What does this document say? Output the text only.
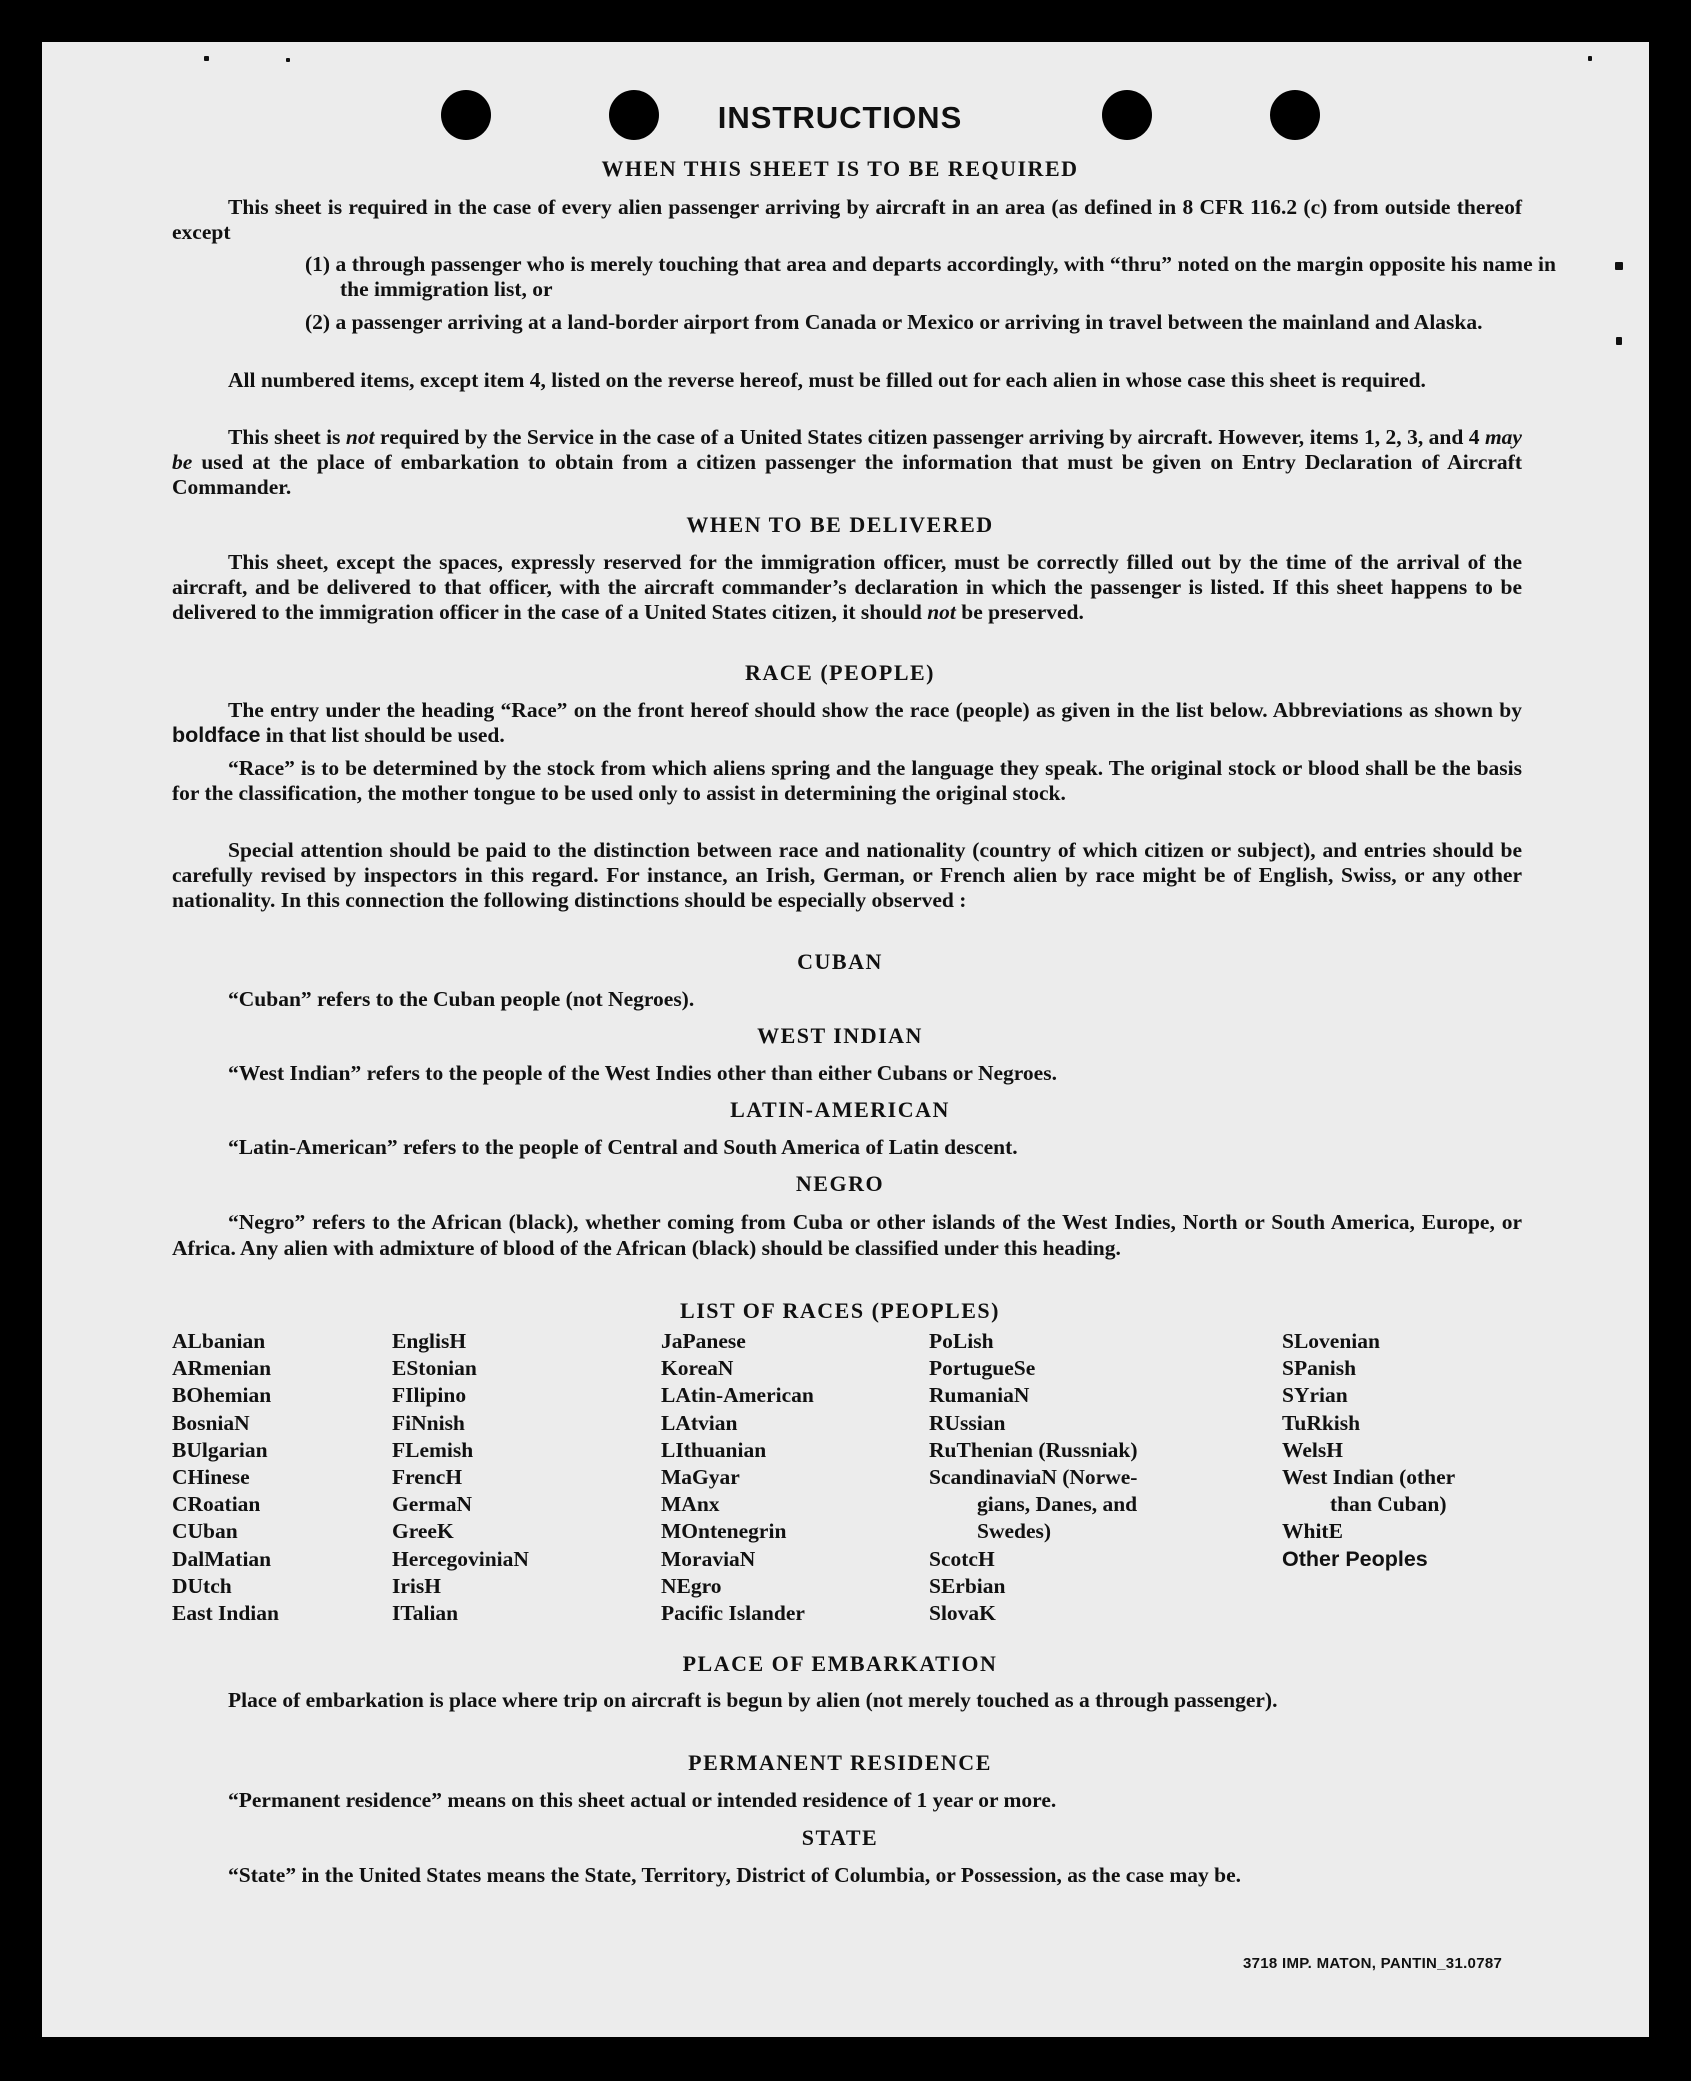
INSTRUCTIONS
WHEN THIS SHEET IS TO BE REQUIRED
This sheet is required in the case of every alien passenger arriving by aircraft in an area (as defined in 8 CFR 116.2 (c) from outside thereof except
(1) a through passenger who is merely touching that area and departs accordingly, with “thru” noted on the margin opposite his name in the immigration list, or
(2) a passenger arriving at a land-border airport from Canada or Mexico or arriving in travel between the mainland and Alaska.
All numbered items, except item 4, listed on the reverse hereof, must be filled out for each alien in whose case this sheet is required.
This sheet is not required by the Service in the case of a United States citizen passenger arriving by aircraft. However, items 1, 2, 3, and 4 may be used at the place of embarkation to obtain from a citizen passenger the information that must be given on Entry Declaration of Aircraft Commander.
WHEN TO BE DELIVERED
This sheet, except the spaces, expressly reserved for the immigration officer, must be correctly filled out by the time of the arrival of the aircraft, and be delivered to that officer, with the aircraft commander’s declaration in which the passenger is listed. If this sheet happens to be delivered to the immigration officer in the case of a United States citizen, it should not be preserved.
RACE (PEOPLE)
The entry under the heading “Race” on the front hereof should show the race (people) as given in the list below. Abbreviations as shown by boldface in that list should be used.
“Race” is to be determined by the stock from which aliens spring and the language they speak. The original stock or blood shall be the basis for the classification, the mother tongue to be used only to assist in determining the original stock.
Special attention should be paid to the distinction between race and nationality (country of which citizen or subject), and entries should be carefully revised by inspectors in this regard. For instance, an Irish, German, or French alien by race might be of English, Swiss, or any other nationality. In this connection the following distinctions should be especially observed :
CUBAN
“Cuban” refers to the Cuban people (not Negroes).
WEST INDIAN
“West Indian” refers to the people of the West Indies other than either Cubans or Negroes.
LATIN-AMERICAN
“Latin-American” refers to the people of Central and South America of Latin descent.
NEGRO
“Negro” refers to the African (black), whether coming from Cuba or other islands of the West Indies, North or South America, Europe, or Africa. Any alien with admixture of blood of the African (black) should be classified under this heading.
LIST OF RACES (PEOPLES)
ALbanian
ARmenian
BOhemian
BosniaN
BUlgarian
CHinese
CRoatian
CUban
DalMatian
DUtch
East Indian
EnglisH
EStonian
FIlipino
FiNnish
FLemish
FrencH
GermaN
GreeK
HercegoviniaN
IrisH
ITalian
JaPanese
KoreaN
LAtin-American
LAtvian
LIthuanian
MaGyar
MAnx
MOntenegrin
MoraviaN
NEgro
Pacific Islander
PoLish
PortugueSe
RumaniaN
RUssian
RuThenian (Russniak)
ScandinaviaN (Norwe-
gians, Danes, and
Swedes)
ScotcH
SErbian
SlovaK
SLovenian
SPanish
SYrian
TuRkish
WelsH
West Indian (other
than Cuban)
WhitE
Other Peoples
PLACE OF EMBARKATION
Place of embarkation is place where trip on aircraft is begun by alien (not merely touched as a through passenger).
PERMANENT RESIDENCE
“Permanent residence” means on this sheet actual or intended residence of 1 year or more.
STATE
“State” in the United States means the State, Territory, District of Columbia, or Possession, as the case may be.
3718 IMP. MATON, PANTIN_31.0787
